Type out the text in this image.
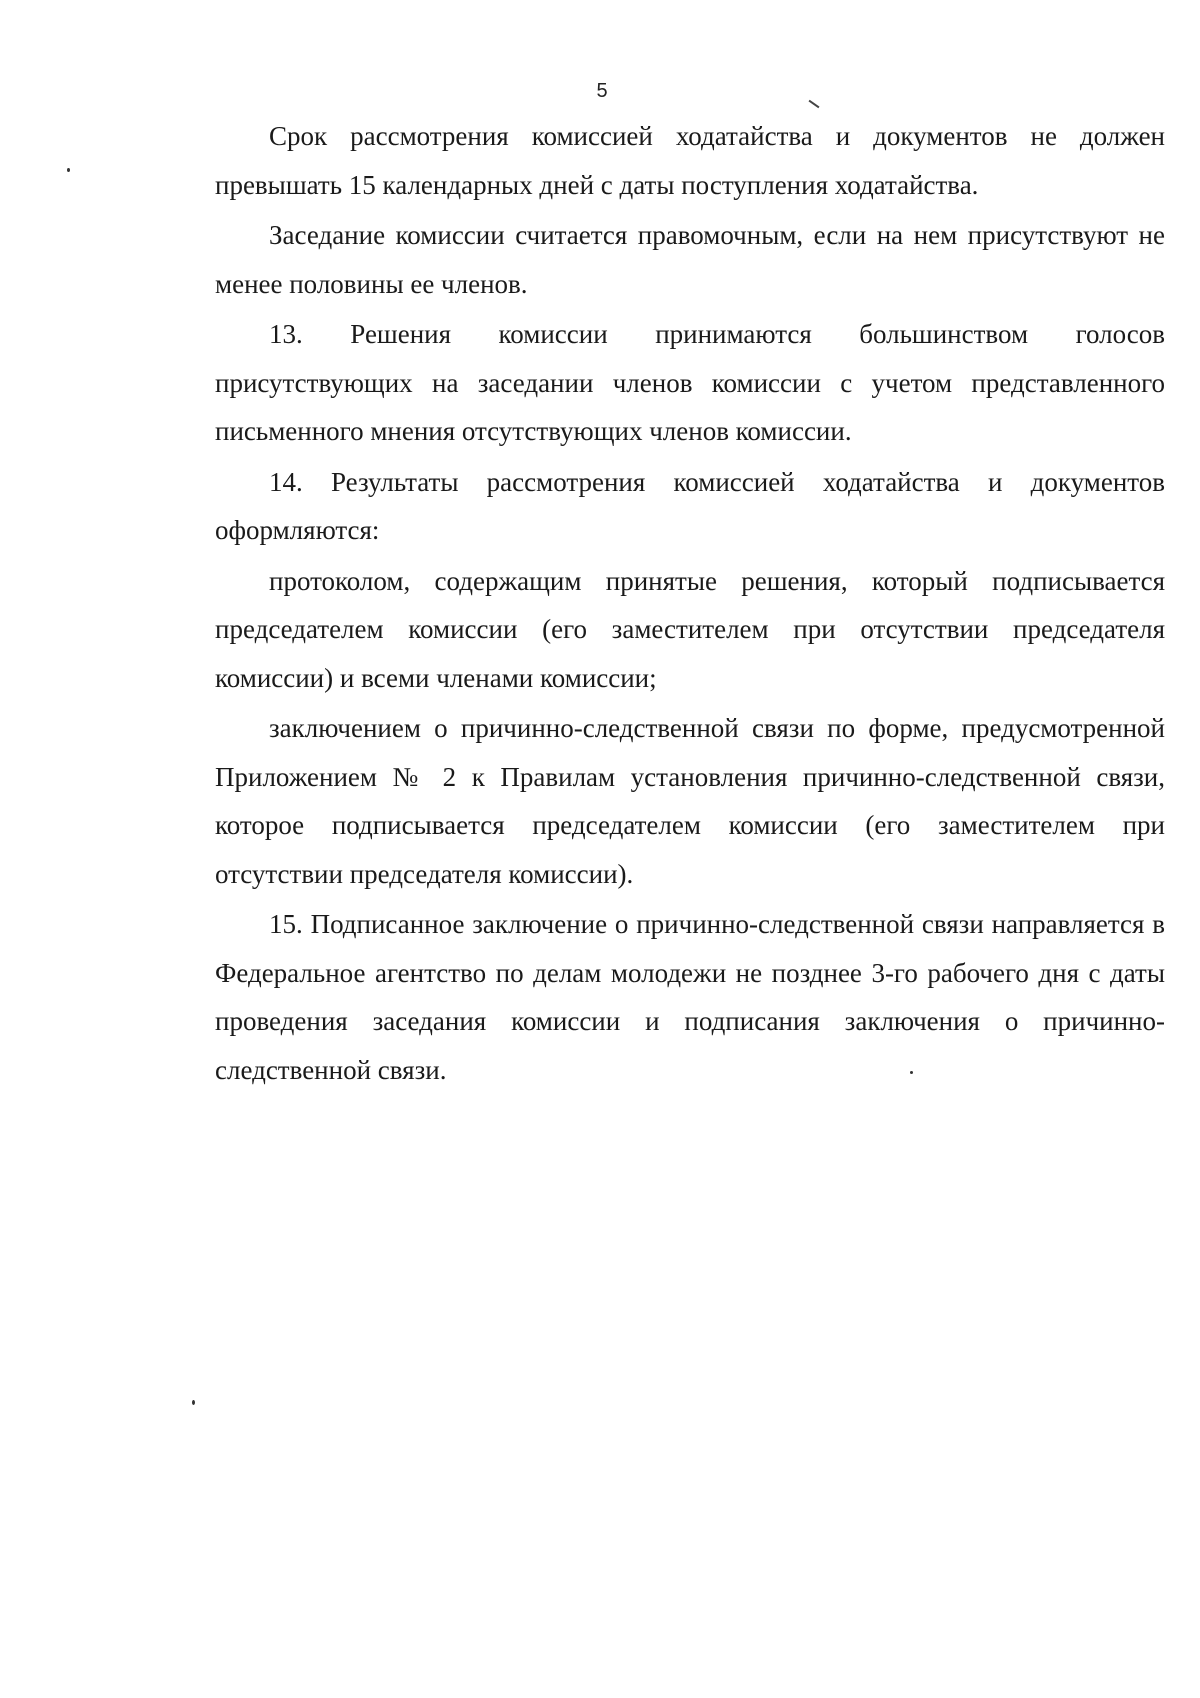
5

Срок рассмотрения комиссией ходатайства и документов не должен превышать 15 календарных дней с даты поступления ходатайства.

Заседание комиссии считается правомочным, если на нем присутствуют не менее половины ее членов.

13. Решения комиссии принимаются большинством голосов присутствующих на заседании членов комиссии с учетом представленного письменного мнения отсутствующих членов комиссии.

14. Результаты рассмотрения комиссией ходатайства и документов оформляются:

протоколом, содержащим принятые решения, который подписывается председателем комиссии (его заместителем при отсутствии председателя комиссии) и всеми членами комиссии;

заключением о причинно-следственной связи по форме, предусмотренной Приложением № 2 к Правилам установления причинно-следственной связи, которое подписывается председателем комиссии (его заместителем при отсутствии председателя комиссии).

15. Подписанное заключение о причинно-следственной связи направляется в Федеральное агентство по делам молодежи не позднее 3-го рабочего дня с даты проведения заседания комиссии и подписания заключения о причинно-следственной связи.
